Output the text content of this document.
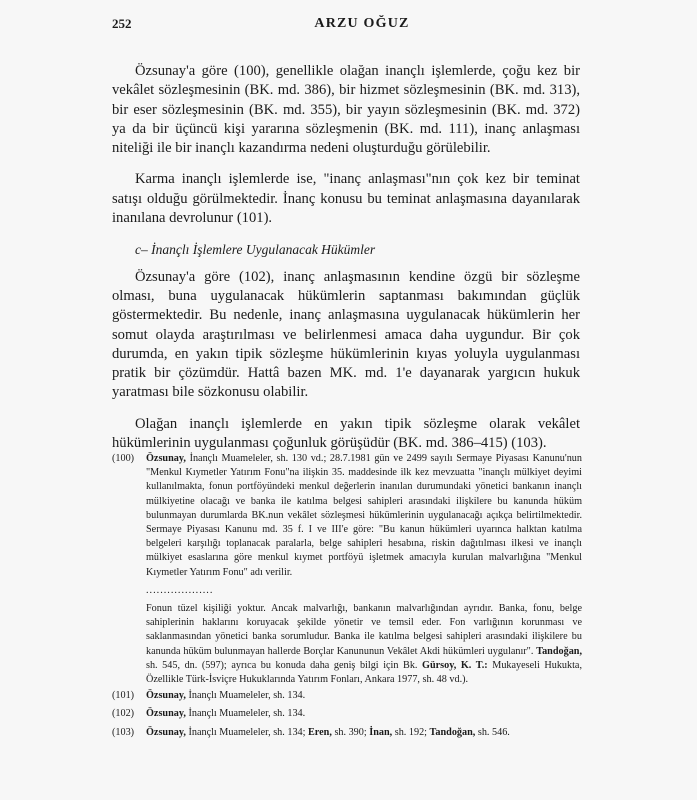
252	ARZU OĞUZ

Özsunay'a göre (100), genellikle olağan inançlı işlemlerde, çoğu kez bir vekâlet sözleşmesinin (BK. md. 386), bir hizmet sözleşmesinin (BK. md. 313), bir eser sözleşmesinin (BK. md. 355), bir yayın sözleşmesinin (BK. md. 372) ya da bir üçüncü kişi yararına sözleşmenin (BK. md. 111), inanç anlaşması niteliği ile bir inançlı kazandırma nedeni oluşturduğu görülebilir.

Karma inançlı işlemlerde ise, "inanç anlaşması"nın çok kez bir teminat satışı olduğu görülmektedir. İnanç konusu bu teminat anlaşmasına dayanılarak inanılana devrolunur (101).

c– İnançlı İşlemlere Uygulanacak Hükümler

Özsunay'a göre (102), inanç anlaşmasının kendine özgü bir sözleşme olması, buna uygulanacak hükümlerin saptanması bakımından güçlük göstermektedir. Bu nedenle, inanç anlaşmasına uygulanacak hükümlerin her somut olayda araştırılması ve belirlenmesi amaca daha uygundur. Bir çok durumda, en yakın tipik sözleşme hükümlerinin kıyas yoluyla uygulanması pratik bir çözümdür. Hattâ bazen MK. md. 1'e dayanarak yargıcın hukuk yaratması bile sözkonusu olabilir.

Olağan inançlı işlemlerde en yakın tipik sözleşme olarak vekâlet hükümlerinin uygulanması çoğunluk görüşüdür (BK. md. 386–415) (103).

(100) Özsunay, İnançlı Muameleler, sh. 130 vd.; 28.7.1981 gün ve 2499 sayılı Sermaye Piyasası Kanunu'nun "Menkul Kıymetler Yatırım Fonu"na ilişkin 35. maddesinde ilk kez mevzuatta "inançlı mülkiyet deyimi kullanılmakta, fonun portföyündeki menkul değerlerin inanılan durumundaki yönetici bankanın inançlı mülkiyetine olacağı ve banka ile katılma belgesi sahipleri arasındaki ilişkilere bu kanunda hüküm bulunmayan durumlarda BK.nun vekâlet sözleşmesi hükümlerinin uygulanacağı açıkça belirtilmektedir. Sermaye Piyasası Kanunu md. 35 f. I ve III'e göre: "Bu kanun hükümleri uyarınca halktan katılma belgeleri karşılığı toplanacak paralarla, belge sahipleri hesabına, riskin dağıtılması ilkesi ve inançlı mülkiyet esaslarına göre menkul kıymet portföyü işletmek amacıyla kurulan malvarlığına "Menkul Kıymetler Yatırım Fonu" adı verilir.

...................

Fonun tüzel kişiliği yoktur. Ancak malvarlığı, bankanın malvarlığından ayrıdır. Banka, fonu, belge sahiplerinin haklarını koruyacak şekilde yönetir ve temsil eder. Fon varlığının korunması ve saklanmasından yönetici banka sorumludur. Banka ile katılma belgesi sahipleri arasındaki ilişkilere bu kanunda hüküm bulunmayan hallerde Borçlar Kanununun Vekâlet Akdi hükümleri uygulanır". Tandoğan, sh. 545, dn. (597); ayrıca bu konuda daha geniş bilgi için Bk. Gürsoy, K. T.: Mukayeseli Hukukta, Özellikle Türk-İsviçre Hukuklarında Yatırım Fonları, Ankara 1977, sh. 48 vd.).

(101) Özsunay, İnançlı Muameleler, sh. 134.

(102) Özsunay, İnançlı Muameleler, sh. 134.

(103) Özsunay, İnançlı Muameleler, sh. 134; Eren, sh. 390; İnan, sh. 192; Tandoğan, sh. 546.
